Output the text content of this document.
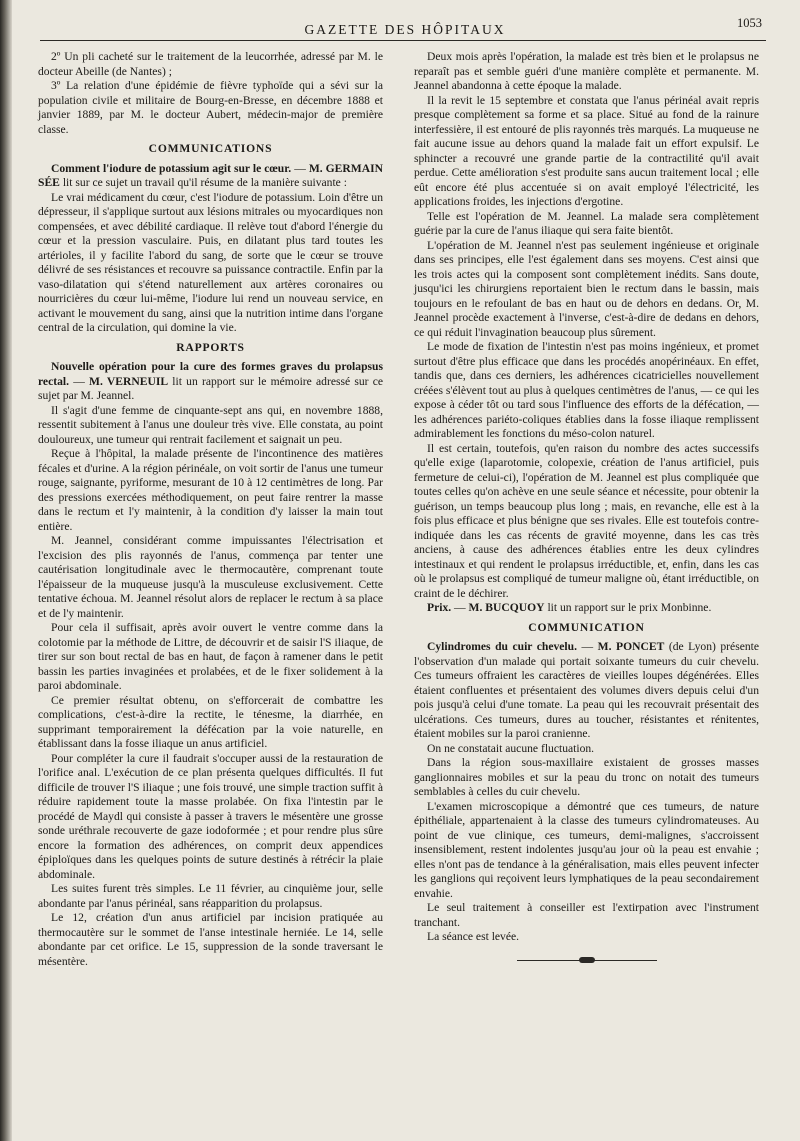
GAZETTE DES HÔPITAUX	1053

2º Un pli cacheté sur le traitement de la leucorrhée, adressé par M. le docteur Abeille (de Nantes) ;

3º La relation d'une épidémie de fièvre typhoïde qui a sévi sur la population civile et militaire de Bourg-en-Bresse, en décembre 1888 et janvier 1889, par M. le docteur Aubert, médecin-major de première classe.

COMMUNICATIONS

Comment l'iodure de potassium agit sur le cœur. — M. GERMAIN SÉE lit sur ce sujet un travail qu'il résume de la manière suivante :

Le vrai médicament du cœur, c'est l'iodure de potassium. Loin d'être un dépresseur, il s'applique surtout aux lésions mitrales ou myocardiques non compensées, et avec débilité cardiaque. Il relève tout d'abord l'énergie du cœur et la pression vasculaire. Puis, en dilatant plus tard toutes les artérioles, il y facilite l'abord du sang, de sorte que le cœur se trouve délivré de ses résistances et recouvre sa puissance contractile. Enfin par la vaso-dilatation qui s'étend naturellement aux artères coronaires ou nourricières du cœur lui-même, l'iodure lui rend un nouveau service, en activant le mouvement du sang, ainsi que la nutrition intime dans l'organe central de la circulation, qui domine la vie.

RAPPORTS

Nouvelle opération pour la cure des formes graves du prolapsus rectal. — M. VERNEUIL lit un rapport sur le mémoire adressé sur ce sujet par M. Jeannel.

Il s'agit d'une femme de cinquante-sept ans qui, en novembre 1888, ressentit subitement à l'anus une douleur très vive. Elle constata, au point douloureux, une tumeur qui rentrait facilement et saignait un peu.

Reçue à l'hôpital, la malade présente de l'incontinence des matières fécales et d'urine. A la région périnéale, on voit sortir de l'anus une tumeur rouge, saignante, pyriforme, mesurant de 10 à 12 centimètres de long. Par des pressions exercées méthodiquement, on peut faire rentrer la masse dans le rectum et l'y maintenir, à la condition d'y laisser la main tout entière.

M. Jeannel, considérant comme impuissantes l'électrisation et l'excision des plis rayonnés de l'anus, commença par tenter une cautérisation longitudinale avec le thermocautère, comprenant toute l'épaisseur de la muqueuse jusqu'à la musculeuse exclusivement. Cette tentative échoua. M. Jeannel résolut alors de replacer le rectum à sa place et de l'y maintenir.

Pour cela il suffisait, après avoir ouvert le ventre comme dans la colotomie par la méthode de Littre, de découvrir et de saisir l'S iliaque, de tirer sur son bout rectal de bas en haut, de façon à ramener dans le petit bassin les parties invaginées et prolabées, et de le fixer solidement à la paroi abdominale.

Ce premier résultat obtenu, on s'efforcerait de combattre les complications, c'est-à-dire la rectite, le ténesme, la diarrhée, en supprimant temporairement la défécation par la voie naturelle, en établissant dans la fosse iliaque un anus artificiel.

Pour compléter la cure il faudrait s'occuper aussi de la restauration de l'orifice anal. L'exécution de ce plan présenta quelques difficultés. Il fut difficile de trouver l'S iliaque ; une fois trouvé, une simple traction suffit à réduire rapidement toute la masse prolabée. On fixa l'intestin par le procédé de Maydl qui consiste à passer à travers le mésentère une grosse sonde uréthrale recouverte de gaze iodoformée ; et pour rendre plus sûre encore la formation des adhérences, on comprit deux appendices épiploïques dans les quelques points de suture destinés à rétrécir la plaie abdominale.

Les suites furent très simples. Le 11 février, au cinquième jour, selle abondante par l'anus périnéal, sans réapparition du prolapsus.

Le 12, création d'un anus artificiel par incision pratiquée au thermocautère sur le sommet de l'anse intestinale herniée. Le 14, selle abondante par cet orifice. Le 15, suppression de la sonde traversant le mésentère.

Deux mois après l'opération, la malade est très bien et le prolapsus ne reparaît pas et semble guéri d'une manière complète et permanente. M. Jeannel abandonna à cette époque la malade.

Il la revit le 15 septembre et constata que l'anus périnéal avait repris presque complètement sa forme et sa place. Situé au fond de la rainure interfessière, il est entouré de plis rayonnés très marqués. La muqueuse ne fait aucune issue au dehors quand la malade fait un effort expulsif. Le sphincter a recouvré une grande partie de la contractilité qu'il avait perdue. Cette amélioration s'est produite sans aucun traitement local ; elle eût encore été plus accentuée si on avait employé l'électricité, les applications froides, les injections d'ergotine.

Telle est l'opération de M. Jeannel. La malade sera complètement guérie par la cure de l'anus iliaque qui sera faite bientôt.

L'opération de M. Jeannel n'est pas seulement ingénieuse et originale dans ses principes, elle l'est également dans ses moyens. C'est ainsi que les trois actes qui la composent sont complètement inédits. Sans doute, jusqu'ici les chirurgiens reportaient bien le rectum dans le bassin, mais toujours en le refoulant de bas en haut ou de dehors en dedans. Or, M. Jeannel procède exactement à l'inverse, c'est-à-dire de dedans en dehors, ce qui réduit l'invagination beaucoup plus sûrement.

Le mode de fixation de l'intestin n'est pas moins ingénieux, et promet surtout d'être plus efficace que dans les procédés anopérinéaux. En effet, tandis que, dans ces derniers, les adhérences cicatricielles nouvellement créées s'élèvent tout au plus à quelques centimètres de l'anus, — ce qui les expose à céder tôt ou tard sous l'influence des efforts de la défécation, — les adhérences pariéto-coliques établies dans la fosse iliaque remplissent admirablement les fonctions du méso-colon naturel.

Il est certain, toutefois, qu'en raison du nombre des actes successifs qu'elle exige (laparotomie, colopexie, création de l'anus artificiel, puis fermeture de celui-ci), l'opération de M. Jeannel est plus compliquée que toutes celles qu'on achève en une seule séance et nécessite, pour obtenir la guérison, un temps beaucoup plus long ; mais, en revanche, elle est à la fois plus efficace et plus bénigne que ses rivales. Elle est toutefois contre-indiquée dans les cas récents de gravité moyenne, dans les cas très anciens, à cause des adhérences établies entre les deux cylindres intestinaux et qui rendent le prolapsus irréductible, et, enfin, dans les cas où le prolapsus est compliqué de tumeur maligne où, étant irréductible, on craint de le déchirer.

Prix. — M. BUCQUOY lit un rapport sur le prix Monbinne.

COMMUNICATION

Cylindromes du cuir chevelu. — M. PONCET (de Lyon) présente l'observation d'un malade qui portait soixante tumeurs du cuir chevelu. Ces tumeurs offraient les caractères de vieilles loupes dégénérées. Elles étaient confluentes et présentaient des volumes divers depuis celui d'un pois jusqu'à celui d'une tomate. La peau qui les recouvrait présentait des ulcérations. Ces tumeurs, dures au toucher, résistantes et rénitentes, étaient mobiles sur la paroi cranienne.

On ne constatait aucune fluctuation.

Dans la région sous-maxillaire existaient de grosses masses ganglionnaires mobiles et sur la peau du tronc on notait des tumeurs semblables à celles du cuir chevelu.

L'examen microscopique a démontré que ces tumeurs, de nature épithéliale, appartenaient à la classe des tumeurs cylindromateuses. Au point de vue clinique, ces tumeurs, demi-malignes, s'accroissent insensiblement, restent indolentes jusqu'au jour où la peau est envahie ; elles n'ont pas de tendance à la généralisation, mais elles peuvent infecter les ganglions qui reçoivent leurs lymphatiques de la peau secondairement envahie.

Le seul traitement à conseiller est l'extirpation avec l'instrument tranchant.

La séance est levée.
